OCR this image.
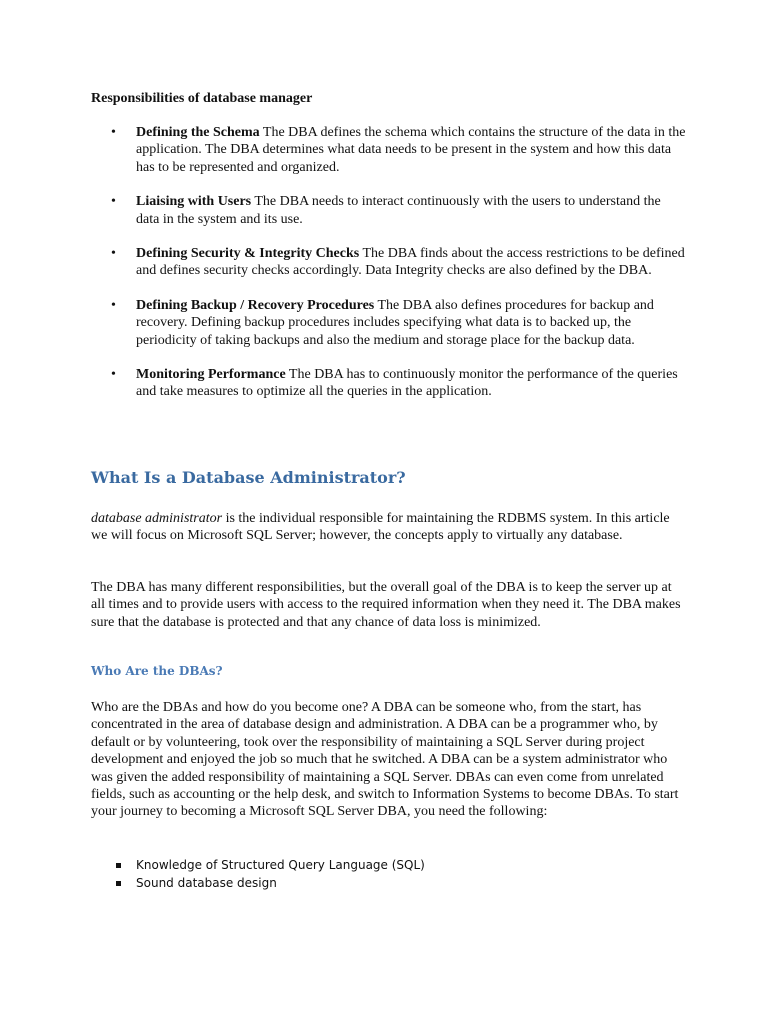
Responsibilities of database manager

• Defining the Schema The DBA defines the schema which contains the structure of the data in the application. The DBA determines what data needs to be present in the system and how this data has to be represented and organized.
• Liaising with Users The DBA needs to interact continuously with the users to understand the data in the system and its use.
• Defining Security & Integrity Checks The DBA finds about the access restrictions to be defined and defines security checks accordingly. Data Integrity checks are also defined by the DBA.
• Defining Backup / Recovery Procedures The DBA also defines procedures for backup and recovery. Defining backup procedures includes specifying what data is to backed up, the periodicity of taking backups and also the medium and storage place for the backup data.
• Monitoring Performance The DBA has to continuously monitor the performance of the queries and take measures to optimize all the queries in the application.
What Is a Database Administrator?

database administrator is the individual responsible for maintaining the RDBMS system. In this article we will focus on Microsoft SQL Server; however, the concepts apply to virtually any database.

The DBA has many different responsibilities, but the overall goal of the DBA is to keep the server up at all times and to provide users with access to the required information when they need it. The DBA makes sure that the database is protected and that any chance of data loss is minimized.

Who Are the DBAs?

Who are the DBAs and how do you become one? A DBA can be someone who, from the start, has concentrated in the area of database design and administration. A DBA can be a programmer who, by default or by volunteering, took over the responsibility of maintaining a SQL Server during project development and enjoyed the job so much that he switched. A DBA can be a system administrator who was given the added responsibility of maintaining a SQL Server. DBAs can even come from unrelated fields, such as accounting or the help desk, and switch to Information Systems to become DBAs. To start your journey to becoming a Microsoft SQL Server DBA, you need the following:

Knowledge of Structured Query Language (SQL)
Sound database design
